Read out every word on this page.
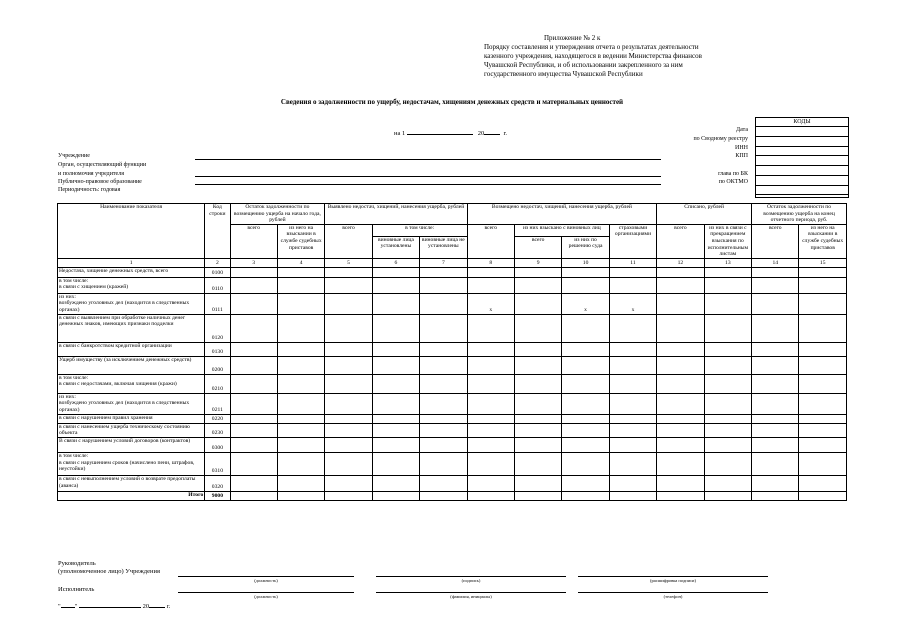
Приложение № 2 к
Порядку составления и утверждения отчета о результатах деятельности
казенного учреждения, находящегося в ведении Министерства финансов
Чувашской Республики, и об использовании закрепленного за ним
государственного имущества Чувашской Республики
Сведения о задолженности по ущербу, недостачам, хищениям денежных средств и материальных ценностей
на 1	20	г.
КОДЫ
Дата
по Сводному реестру
ИНН
КПП
глава по БК
по ОКТМО
Учреждение
Орган, осуществляющий функции
и полномочия учредителя
Публично-правовое образование
Периодичность: годовая
Наименование показателя	Код строки	Остаток задолженности по возмещению ущерба на начало года, рублей		Выявлено недостач, хищений, нанесения ущерба, рублей			Возмещено недостач, хищений, нанесения ущерба, рублей				Списано, рублей		Остаток задолженности по возмещению ущерба на конец отчетного периода, руб.	
		всего	из него на взыскании в службе судебных приставов	всего	в том числе:		всего	из них взыскано с виновных лиц		страховыми организациями	всего	из них в связи с прекращением взыскания по исполнительным листам	всего	из него на взыскании в службе судебных приставов
					виновные лица установлены	виновные лица не установлены		всего	из них по решению суда					
1	2	3	4	5	6	7	8	9	10	11	12	13	14	15
Недостача, хищение денежных средств, всего	0100													
в том числе:
в связи с хищением (кражей)	0110													
из них:
возбуждено уголовных дел (находится в следственных органах)	0111						x		x	x				
в связи с выявлением при обработке наличных денег денежных знаков, имеющих признаки подделки	0120													
в связи с банкротством кредитной организации	0130													
Ущерб имуществу (за исключением денежных средств)	0200													
в том числе:
в связи с недостачами, включая хищения (кражи)	0210													
из них:
возбуждено уголовных дел (находится в следственных органах)	0211													
в связи с нарушением правил хранения	0220													
в связи с нанесением ущерба техническому состоянию объекта	0230													
В связи с нарушением условий договоров (контрактов)	0300													
в том числе:
в связи с нарушением сроков (начислено пени, штрафов, неустойки)	0310													
в связи с невыполнением условий о возврате предоплаты (аванса)	0320													
Итого	9000													
Руководитель
(уполномоченное лицо) Учреждения
(должность)	(подпись)	(расшифровка подписи)
Исполнитель
(должность)	(фамилия, инициалы)	(телефон)
" "	20	г.
